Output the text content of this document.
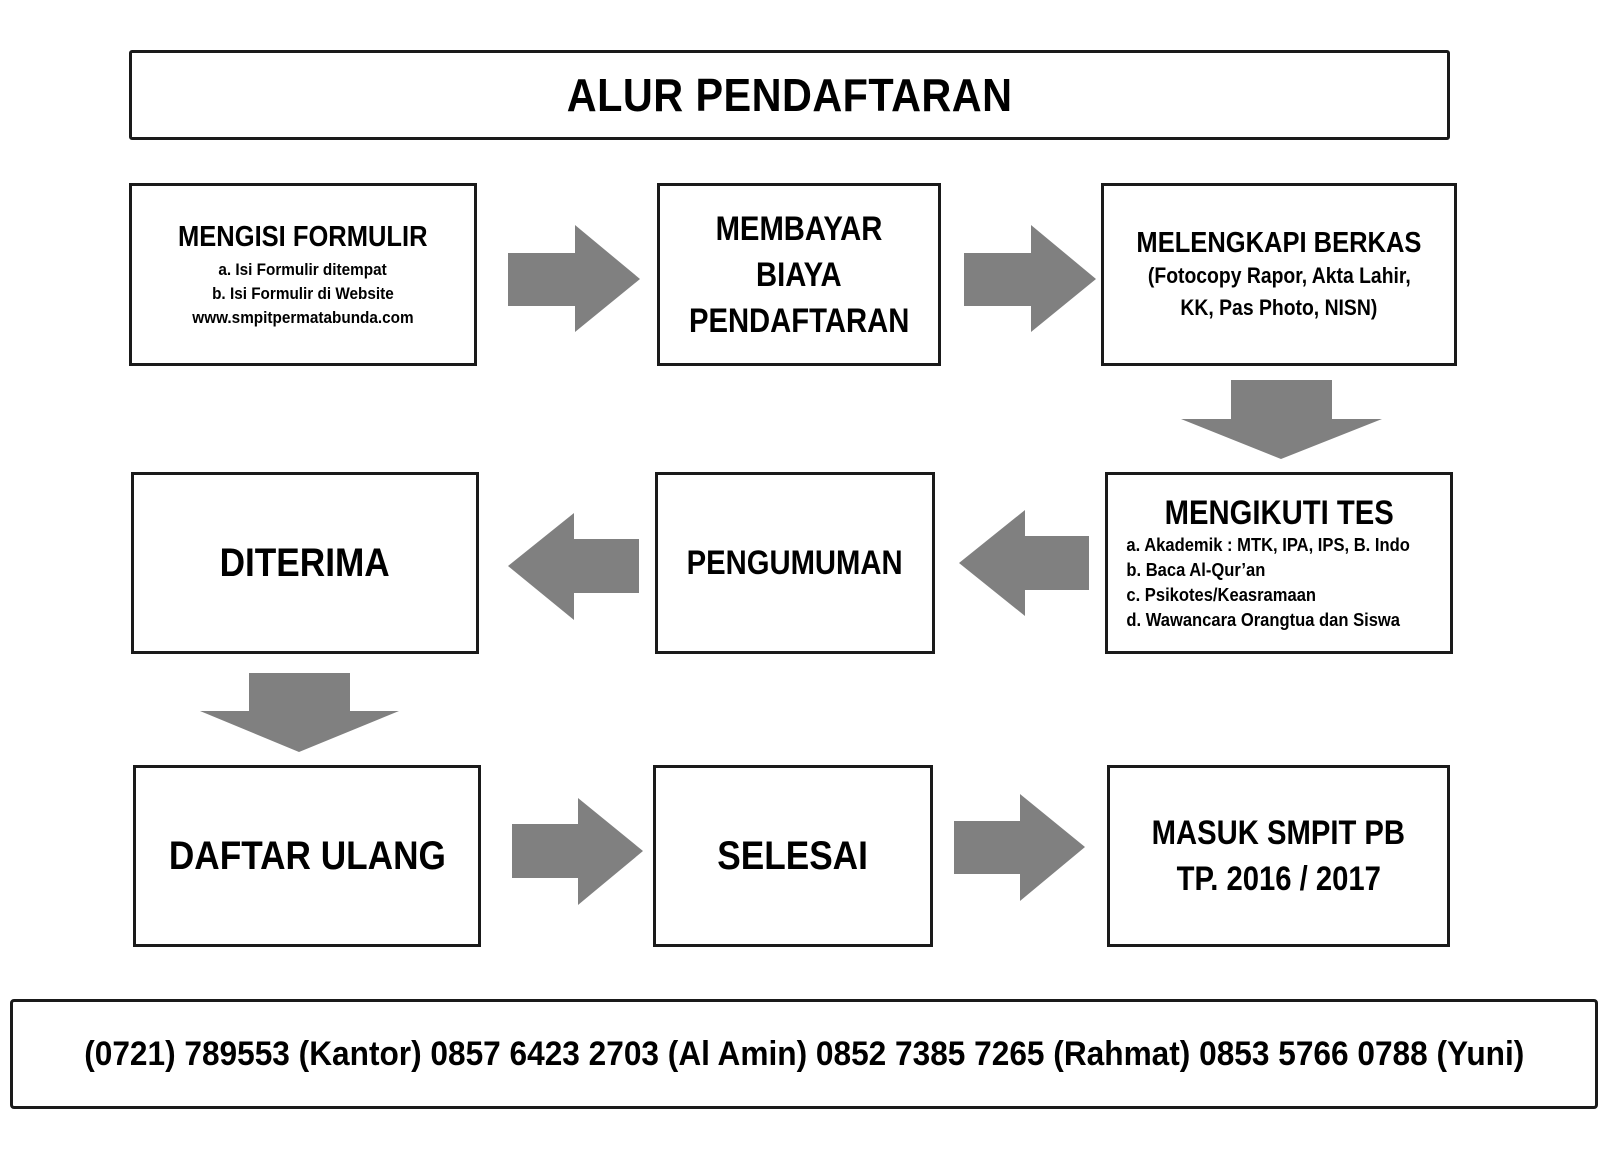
ALUR PENDAFTARAN
MENGISI FORMULIR
a. Isi Formulir ditempat
b. Isi Formulir di Website
www.smpitpermatabunda.com
MEMBAYAR
BIAYA
PENDAFTARAN
MELENGKAPI BERKAS
(Fotocopy Rapor, Akta Lahir,
KK, Pas Photo, NISN)
DITERIMA	PENGUMUMAN
MENGIKUTI TES
a. Akademik : MTK, IPA, IPS, B. Indo
b. Baca Al-Qur’an
c. Psikotes/Keasramaan
d. Wawancara Orangtua dan Siswa
DAFTAR ULANG	SELESAI
MASUK SMPIT PB
TP. 2016 / 2017
(0721) 789553 (Kantor) 0857 6423 2703 (Al Amin) 0852 7385 7265 (Rahmat) 0853 5766 0788 (Yuni)
